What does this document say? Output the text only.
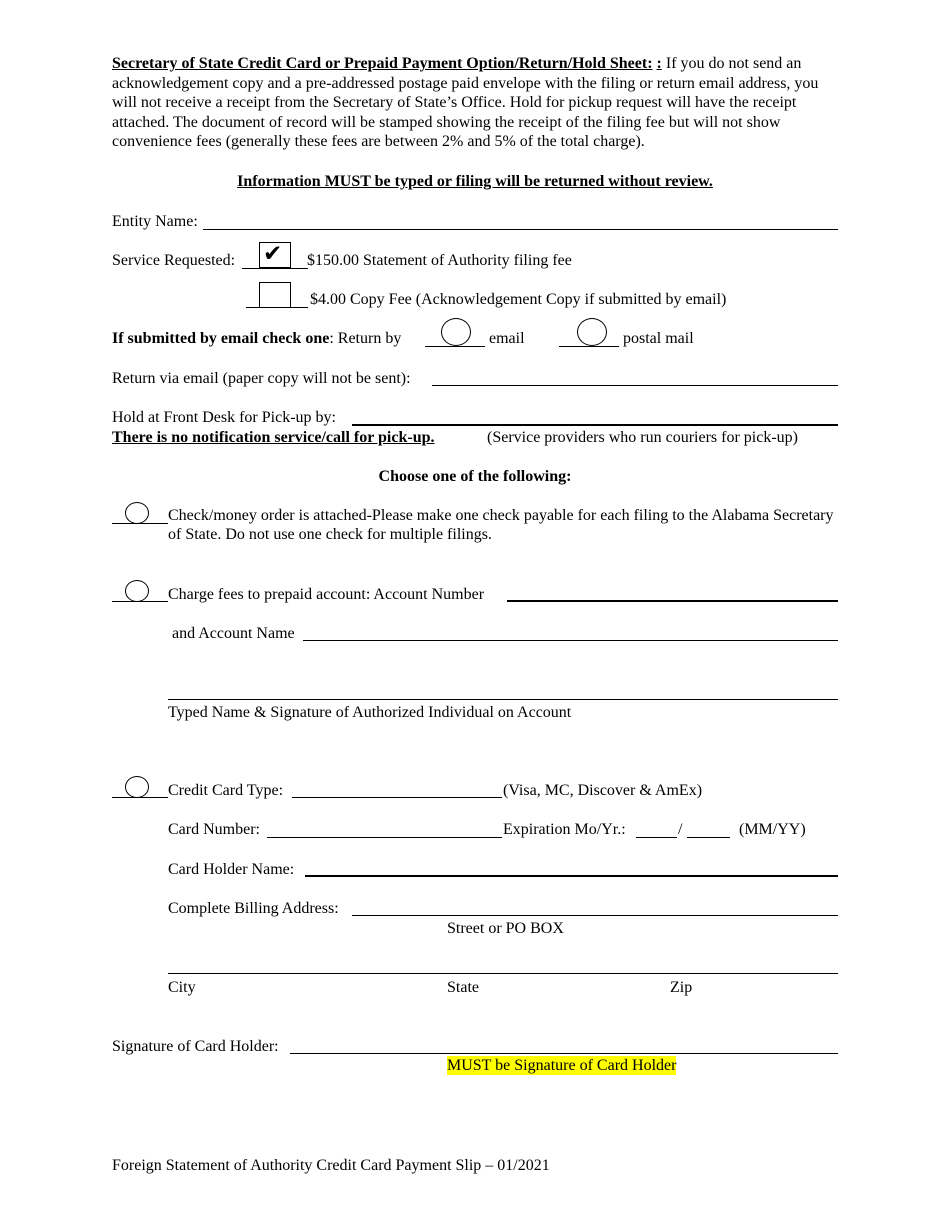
Secretary of State Credit Card or Prepaid Payment Option/Return/Hold Sheet: : If you do not send an acknowledgement copy and a pre-addressed postage paid envelope with the filing or return email address, you will not receive a receipt from the Secretary of State’s Office. Hold for pickup request will have the receipt attached. The document of record will be stamped showing the receipt of the filing fee but will not show convenience fees (generally these fees are between 2% and 5% of the total charge).
Information MUST be typed or filing will be returned without review.
Entity Name:
Service Requested: ✔ $150.00 Statement of Authority filing fee
$4.00 Copy Fee (Acknowledgement Copy if submitted by email)
If submitted by email check one: Return by	email	postal mail
Return via email (paper copy will not be sent):
Hold at Front Desk for Pick-up by:
There is no notification service/call for pick-up.	(Service providers who run couriers for pick-up)
Choose one of the following:
Check/money order is attached-Please make one check payable for each filing to the Alabama Secretary of State. Do not use one check for multiple filings.
Charge fees to prepaid account: Account Number
and Account Name
Typed Name & Signature of Authorized Individual on Account
Credit Card Type:	(Visa, MC, Discover & AmEx)
Card Number:	Expiration Mo/Yr.:	/	(MM/YY)
Card Holder Name:
Complete Billing Address:
Street or PO BOX
City	State	Zip
Signature of Card Holder:
MUST be Signature of Card Holder
Foreign Statement of Authority Credit Card Payment Slip – 01/2021
